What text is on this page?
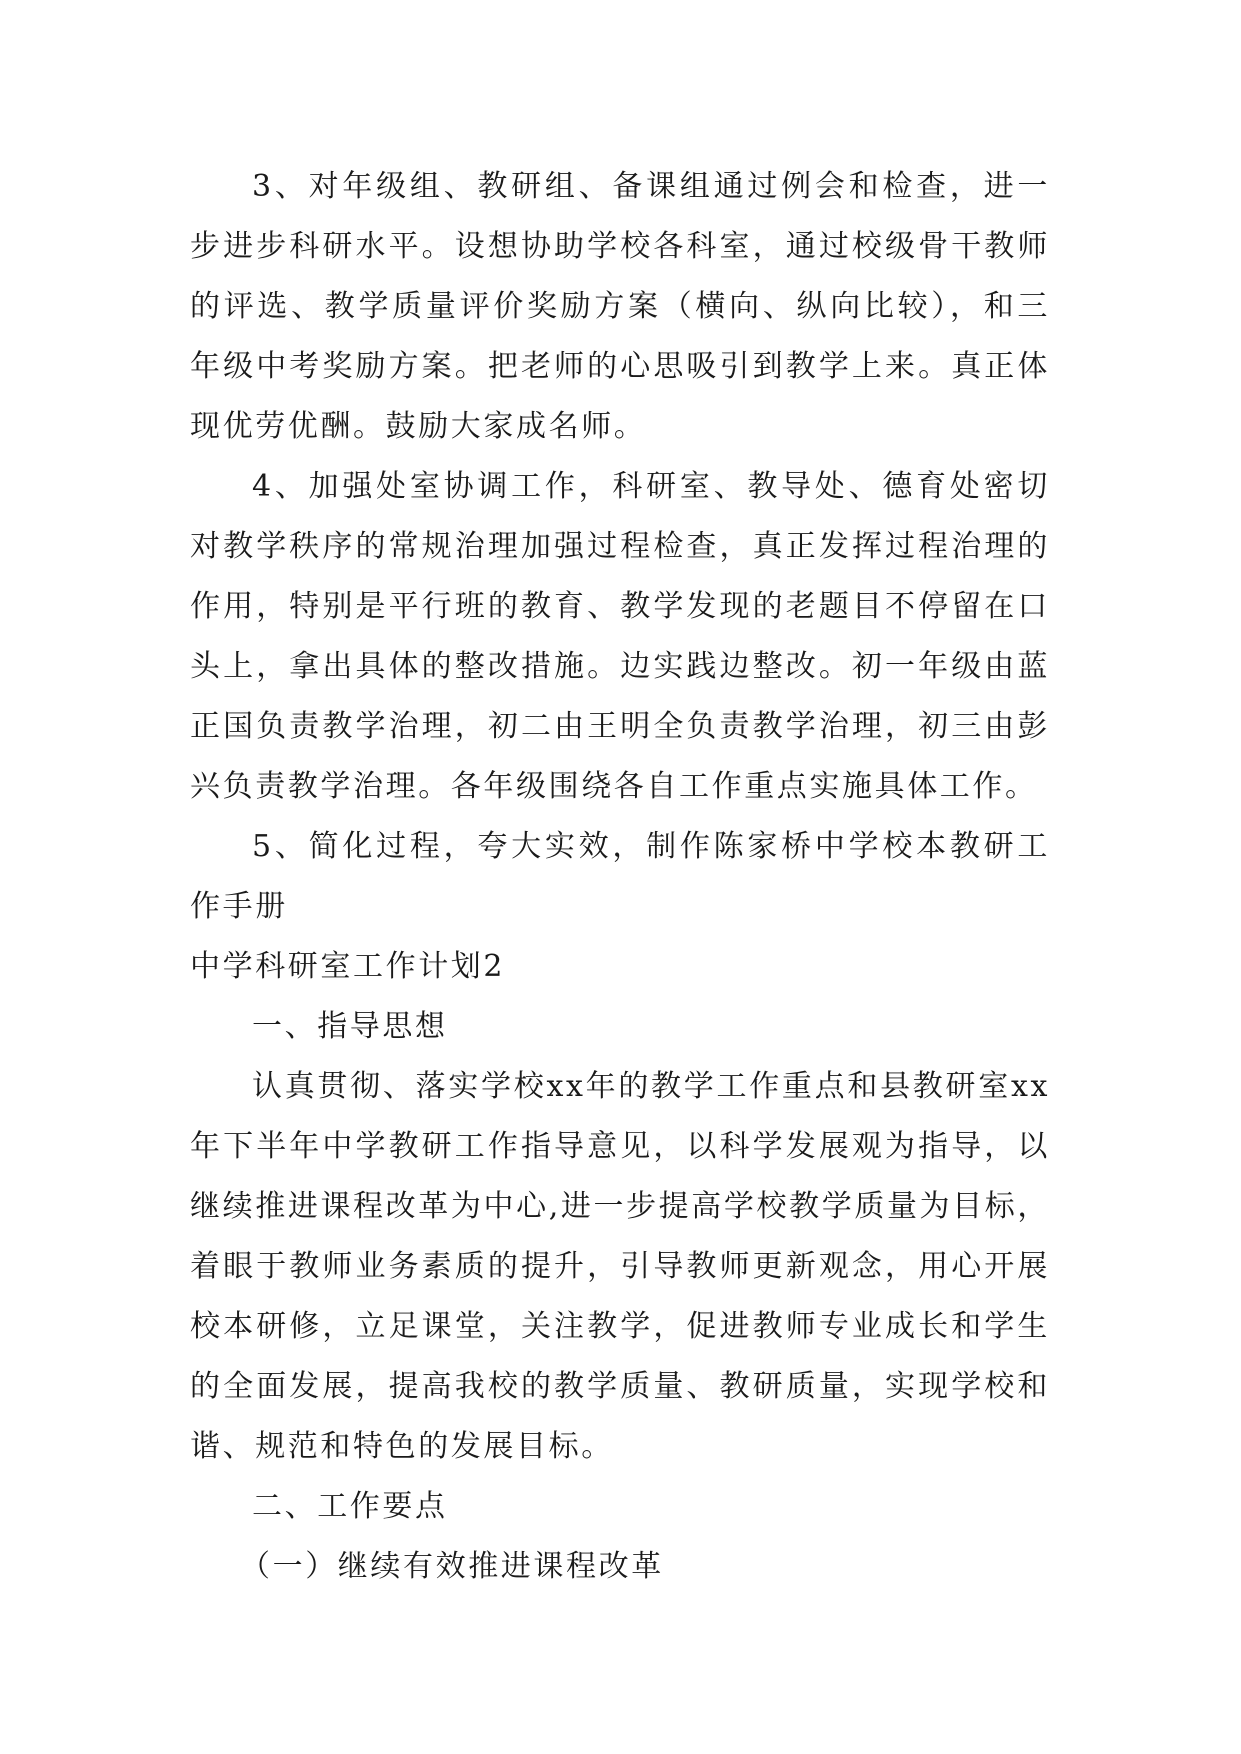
3、对年级组、教研组、备课组通过例会和检查，进一步进步科研水平。设想协助学校各科室，通过校级骨干教师的评选、教学质量评价奖励方案（横向、纵向比较），和三年级中考奖励方案。把老师的心思吸引到教学上来。真正体现优劳优酬。鼓励大家成名师。

4、加强处室协调工作，科研室、教导处、德育处密切对教学秩序的常规治理加强过程检查，真正发挥过程治理的作用，特别是平行班的教育、教学发现的老题目不停留在口头上，拿出具体的整改措施。边实践边整改。初一年级由蓝正国负责教学治理，初二由王明全负责教学治理，初三由彭兴负责教学治理。各年级围绕各自工作重点实施具体工作。

5、简化过程，夸大实效，制作陈家桥中学校本教研工作手册

中学科研室工作计划2

一、指导思想

认真贯彻、落实学校xx年的教学工作重点和县教研室xx年下半年中学教研工作指导意见，以科学发展观为指导，以继续推进课程改革为中心,进一步提高学校教学质量为目标，着眼于教师业务素质的提升，引导教师更新观念，用心开展校本研修，立足课堂，关注教学，促进教师专业成长和学生的全面发展，提高我校的教学质量、教研质量，实现学校和谐、规范和特色的发展目标。

二、工作要点

（一）继续有效推进课程改革
